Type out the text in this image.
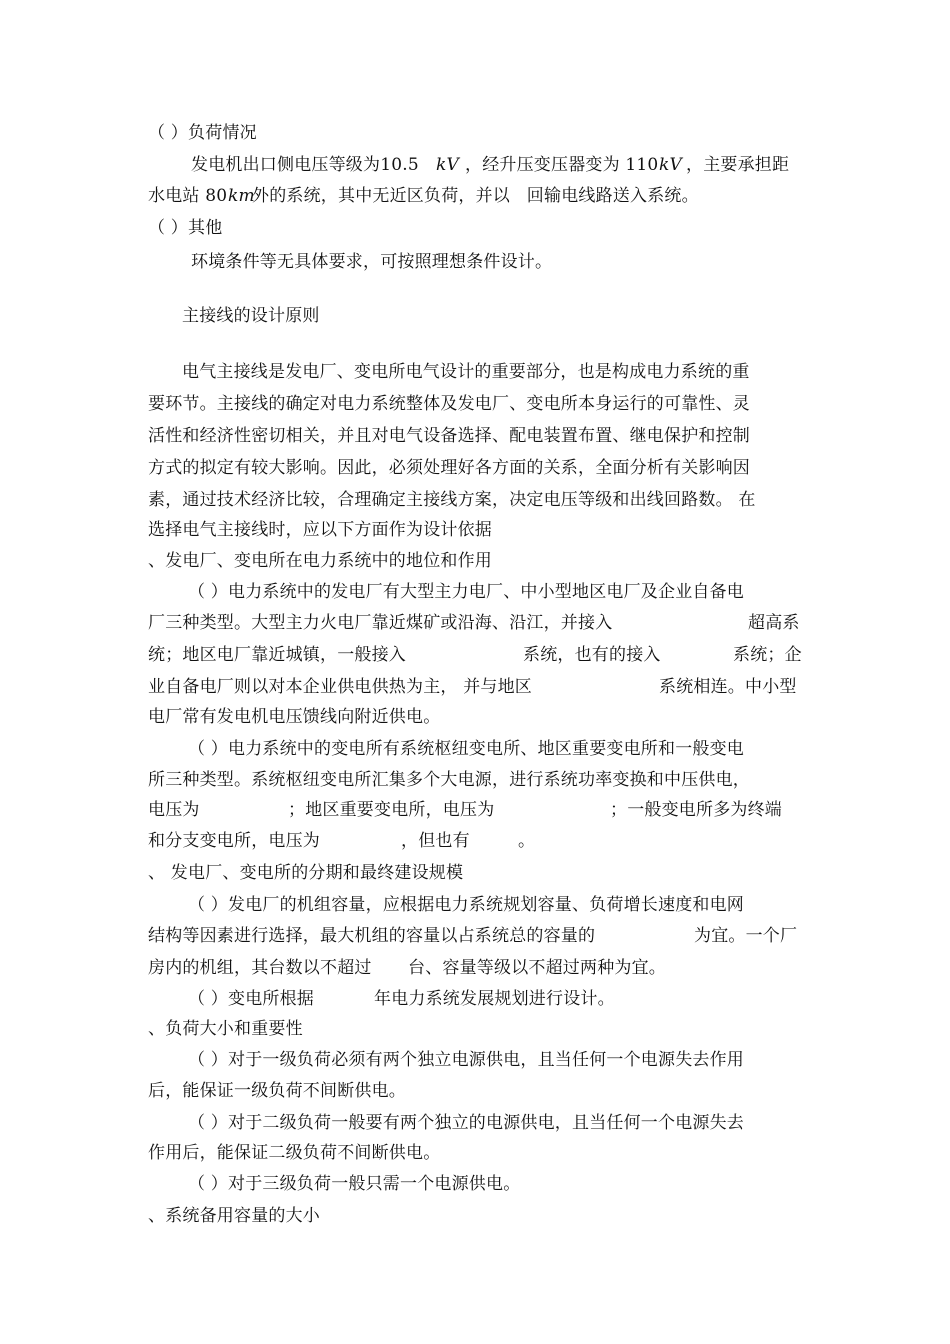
（ ）负荷情况
发电机出口侧电压等级为10.5 kV ，经升压变压器变为 110 kV ，主要承担距
水电站 80 km
外的系统，其中无近区负荷，并以   回输电线路送入系统。
（ ）其他
环境条件等无具体要求，可按照理想条件设计。
主接线的设计原则
电气主接线是发电厂、变电所电气设计的重要部分，也是构成电力系统的重
要环节。主接线的确定对电力系统整体及发电厂、变电所本身运行的可靠性、灵
活性和经济性密切相关，并且对电气设备选择、配电装置布置、继电保护和控制
方式的拟定有较大影响。因此，必须处理好各方面的关系，全面分析有关影响因
素，通过技术经济比较，合理确定主接线方案，决定电压等级和出线回路数。 在
选择电气主接线时，应以下方面作为设计依据
、发电厂、变电所在电力系统中的地位和作用
（ ）电力系统中的发电厂有大型主力电厂、中小型地区电厂及企业自备电
厂三种类型。大型主力火电厂靠近煤矿或沿海、沿江，并接入	超高系
统；地区电厂靠近城镇，一般接入	系统，也有的接入	系统；企
业自备电厂则以对本企业供电供热为主， 并与地区	系统相连。中小型
电厂常有发电机电压馈线向附近供电。
（ ）电力系统中的变电所有系统枢纽变电所、地区重要变电所和一般变电
所三种类型。系统枢纽变电所汇集多个大电源，进行系统功率变换和中压供电，
电压为	；地区重要变电所，电压为	；一般变电所多为终端
和分支变电所，电压为	，但也有	。
、 发电厂、变电所的分期和最终建设规模
（ ）发电厂的机组容量，应根据电力系统规划容量、负荷增长速度和电网
结构等因素进行选择，最大机组的容量以占系统总的容量的	为宜。一个厂
房内的机组，其台数以不超过 台、容量等级以不超过两种为宜。
（ ）变电所根据	年电力系统发展规划进行设计。
、负荷大小和重要性
（ ）对于一级负荷必须有两个独立电源供电，且当任何一个电源失去作用
后，能保证一级负荷不间断供电。
（ ）对于二级负荷一般要有两个独立的电源供电，且当任何一个电源失去
作用后，能保证二级负荷不间断供电。
（ ）对于三级负荷一般只需一个电源供电。
、系统备用容量的大小
